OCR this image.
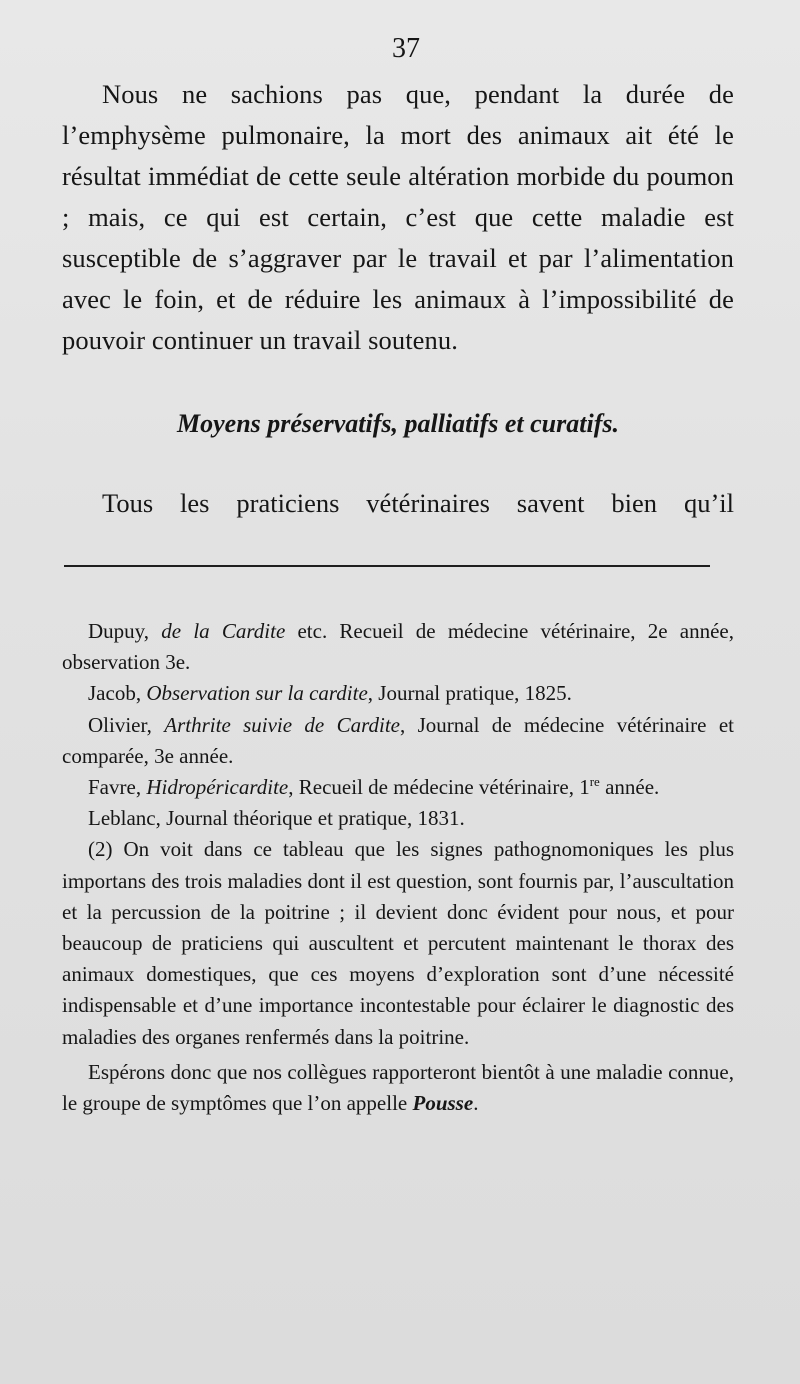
37

Nous ne sachions pas que, pendant la durée de l’emphysème pulmonaire, la mort des animaux ait été le résultat immédiat de cette seule altération morbide du poumon ; mais, ce qui est certain, c’est que cette maladie est susceptible de s’aggraver par le travail et par l’alimentation avec le foin, et de réduire les animaux à l’impossibilité de pouvoir continuer un travail soutenu.

Moyens préservatifs, palliatifs et curatifs.

Tous les praticiens vétérinaires savent bien qu’il

Dupuy, de la Cardite etc. Recueil de médecine vétérinaire, 2e année, observation 3e.

Jacob, Observation sur la cardite, Journal pratique, 1825.

Olivier, Arthrite suivie de Cardite, Journal de médecine vétérinaire et comparée, 3e année.

Favre, Hidropéricardite, Recueil de médecine vétérinaire, 1re année.

Leblanc, Journal théorique et pratique, 1831.

(2) On voit dans ce tableau que les signes pathognomoniques les plus importans des trois maladies dont il est question, sont fournis par, l’auscultation et la percussion de la poitrine ; il devient donc évident pour nous, et pour beaucoup de praticiens qui auscultent et percutent maintenant le thorax des animaux domestiques, que ces moyens d’exploration sont d’une nécessité indispensable et d’une importance incontestable pour éclairer le diagnostic des maladies des organes renfermés dans la poitrine.

Espérons donc que nos collègues rapporteront bientôt à une maladie connue, le groupe de symptômes que l’on appelle Pousse.
